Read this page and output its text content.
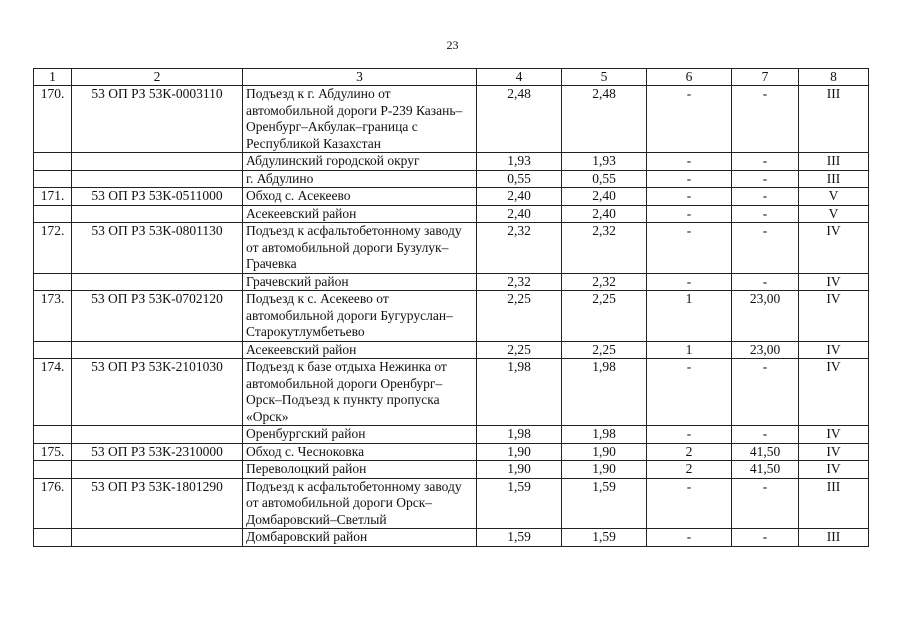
23
1	2	3	4	5	6	7	8
170.	53 ОП РЗ 53К-0003110	Подъезд к г. Абдулино от автомобильной дороги Р-239 Казань–Оренбург–Акбулак–граница с Республикой Казахстан	2,48	2,48	-	-	III
		Абдулинский городской округ	1,93	1,93	-	-	III
		г. Абдулино	0,55	0,55	-	-	III
171.	53 ОП РЗ 53К-0511000	Обход с. Асекеево	2,40	2,40	-	-	V
		Асекеевский район	2,40	2,40	-	-	V
172.	53 ОП РЗ 53К-0801130	Подъезд к асфальтобетонному заводу от автомобильной дороги Бузулук–Грачевка	2,32	2,32	-	-	IV
		Грачевский район	2,32	2,32	-	-	IV
173.	53 ОП РЗ 53К-0702120	Подъезд к с. Асекеево от автомобильной дороги Бугуруслан–Старокутлумбетьево	2,25	2,25	1	23,00	IV
		Асекеевский район	2,25	2,25	1	23,00	IV
174.	53 ОП РЗ 53К-2101030	Подъезд к базе отдыха Нежинка от автомобильной дороги Оренбург–Орск–Подъезд к пункту пропуска «Орск»	1,98	1,98	-	-	IV
		Оренбургский район	1,98	1,98	-	-	IV
175.	53 ОП РЗ 53К-2310000	Обход с. Чесноковка	1,90	1,90	2	41,50	IV
		Переволоцкий район	1,90	1,90	2	41,50	IV
176.	53 ОП РЗ 53К-1801290	Подъезд к асфальтобетонному заводу от автомобильной дороги Орск–Домбаровский–Светлый	1,59	1,59	-	-	III
		Домбаровский район	1,59	1,59	-	-	III
